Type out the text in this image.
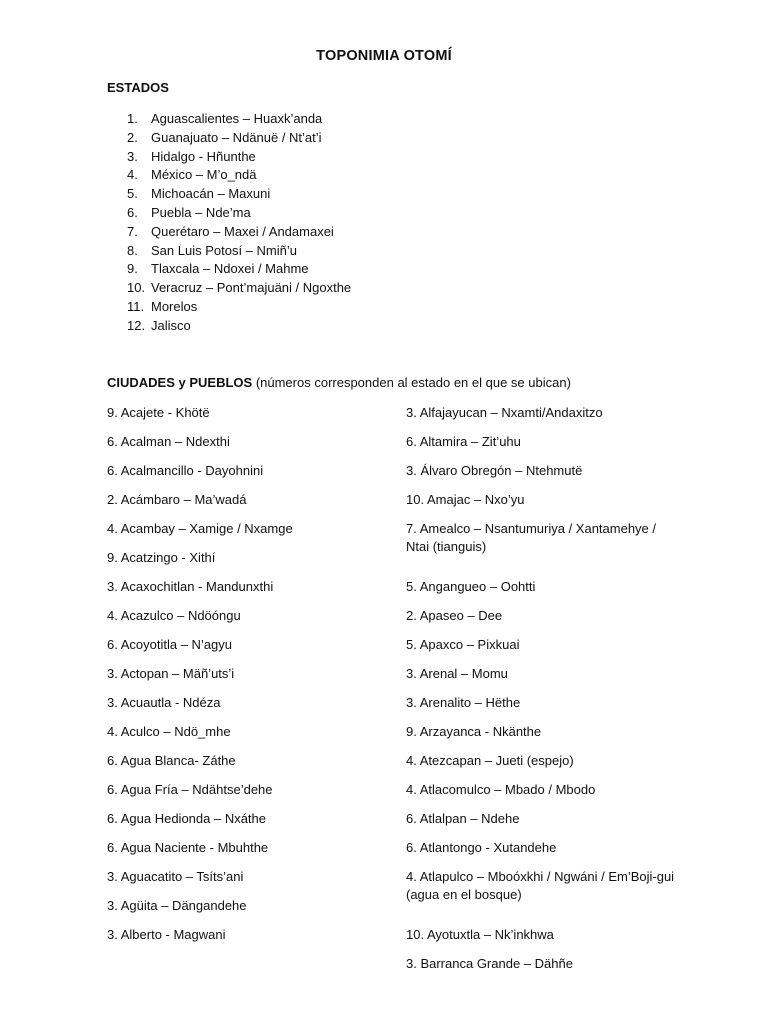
TOPONIMIA OTOMÍ
ESTADOS
1. Aguascalientes – Huaxk’anda
2. Guanajuato – Ndänuë / Nt’at’i
3. Hidalgo - Hñunthe
4. México – M’o_ndä
5. Michoacán – Maxuni
6. Puebla – Nde’ma
7. Querétaro – Maxei / Andamaxei
8. San Luis Potosí – Nmiñ’u
9. Tlaxcala – Ndoxei / Mahme
10. Veracruz – Pont’majuäni / Ngoxthe
11. Morelos
12. Jalisco
CIUDADES y PUEBLOS (números corresponden al estado en el que se ubican)
9. Acajete - Khötë
6. Acalman – Ndexthi
6. Acalmancillo - Dayohnini
2. Acámbaro – Ma’wadá
4. Acambay – Xamige / Nxamge
9. Acatzingo - Xithí
3. Acaxochitlan - Mandunxthi
4. Acazulco – Ndöóngu
6. Acoyotitla – N’agyu
3. Actopan – Mäñ’uts’i
3. Acuautla - Ndéza
4. Aculco – Ndö_mhe
6. Agua Blanca- Záthe
6. Agua Fría – Ndähtse’dehe
6. Agua Hedionda – Nxáthe
6. Agua Naciente - Mbuhthe
3. Aguacatito – Tsíts’ani
3. Agüita – Dängandehe
3. Alberto - Magwani
3. Alfajayucan – Nxamti/Andaxitzo
6. Altamira – Zit’uhu
3. Álvaro Obregón – Ntehmutë
10. Amajac – Nxo’yu
7. Amealco – Nsantumuriya / Xantamehye / Ntai (tianguis)
5. Angangueo – Oohtti
2. Apaseo – Dee
5. Apaxco – Pixkuai
3. Arenal – Momu
3. Arenalito – Hëthe
9. Arzayanca - Nkänthe
4. Atezcapan – Jueti (espejo)
4. Atlacomulco – Mbado / Mbodo
6. Atlalpan – Ndehe
6. Atlantongo - Xutandehe
4. Atlapulco – Mboóxkhi / Ngwáni / Em’Boji-gui (agua en el bosque)
10. Ayotuxtla – Nk’inkhwa
3. Barranca Grande – Dähñe
